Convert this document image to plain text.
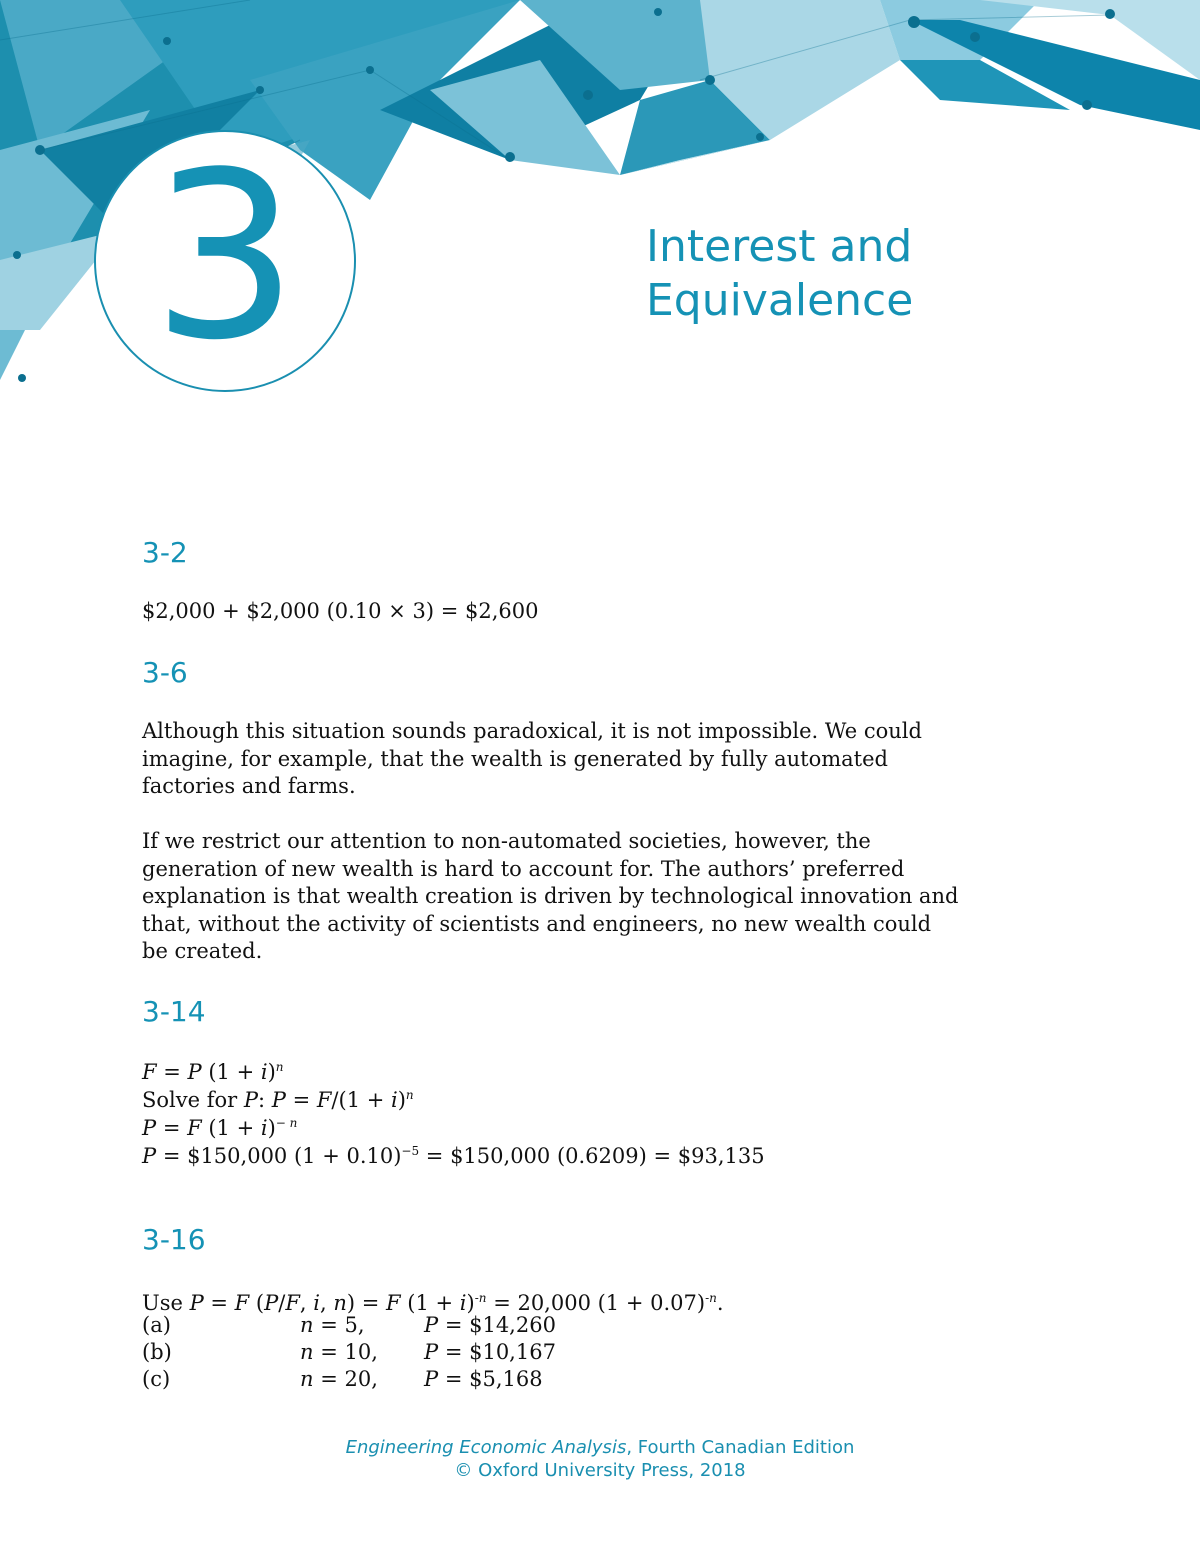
3	Interest and
Equivalence
3-2
$2,000 + $2,000 (0.10 × 3) = $2,600
3-6
Although this situation sounds paradoxical, it is not impossible. We could
imagine, for example, that the wealth is generated by fully automated
factories and farms.
If we restrict our attention to non-automated societies, however, the
generation of new wealth is hard to account for. The authors’ preferred
explanation is that wealth creation is driven by technological innovation and
that, without the activity of scientists and engineers, no new wealth could
be created.
3-14
F = P $(1 + i)^n$
Solve for P: $P = F/(1 + i)^n$
P = F $(1 + i)^{- n}$
P = $150,000 $(1 + 0.10)^{-5}$ = $150,000 (0.6209) = $93,135
3-16
Use P = F (P/F, i, n) = F $(1 + i)^{-n} = 20,000$ $(1 + 0.07)^{-n}$.
(a)	n = 5,	P = $14,260
(b)	n = 10, P = $10,167
(c)	n = 20, P = $5,168
Engineering Economic Analysis, Fourth Canadian Edition
© Oxford University Press, 2018
